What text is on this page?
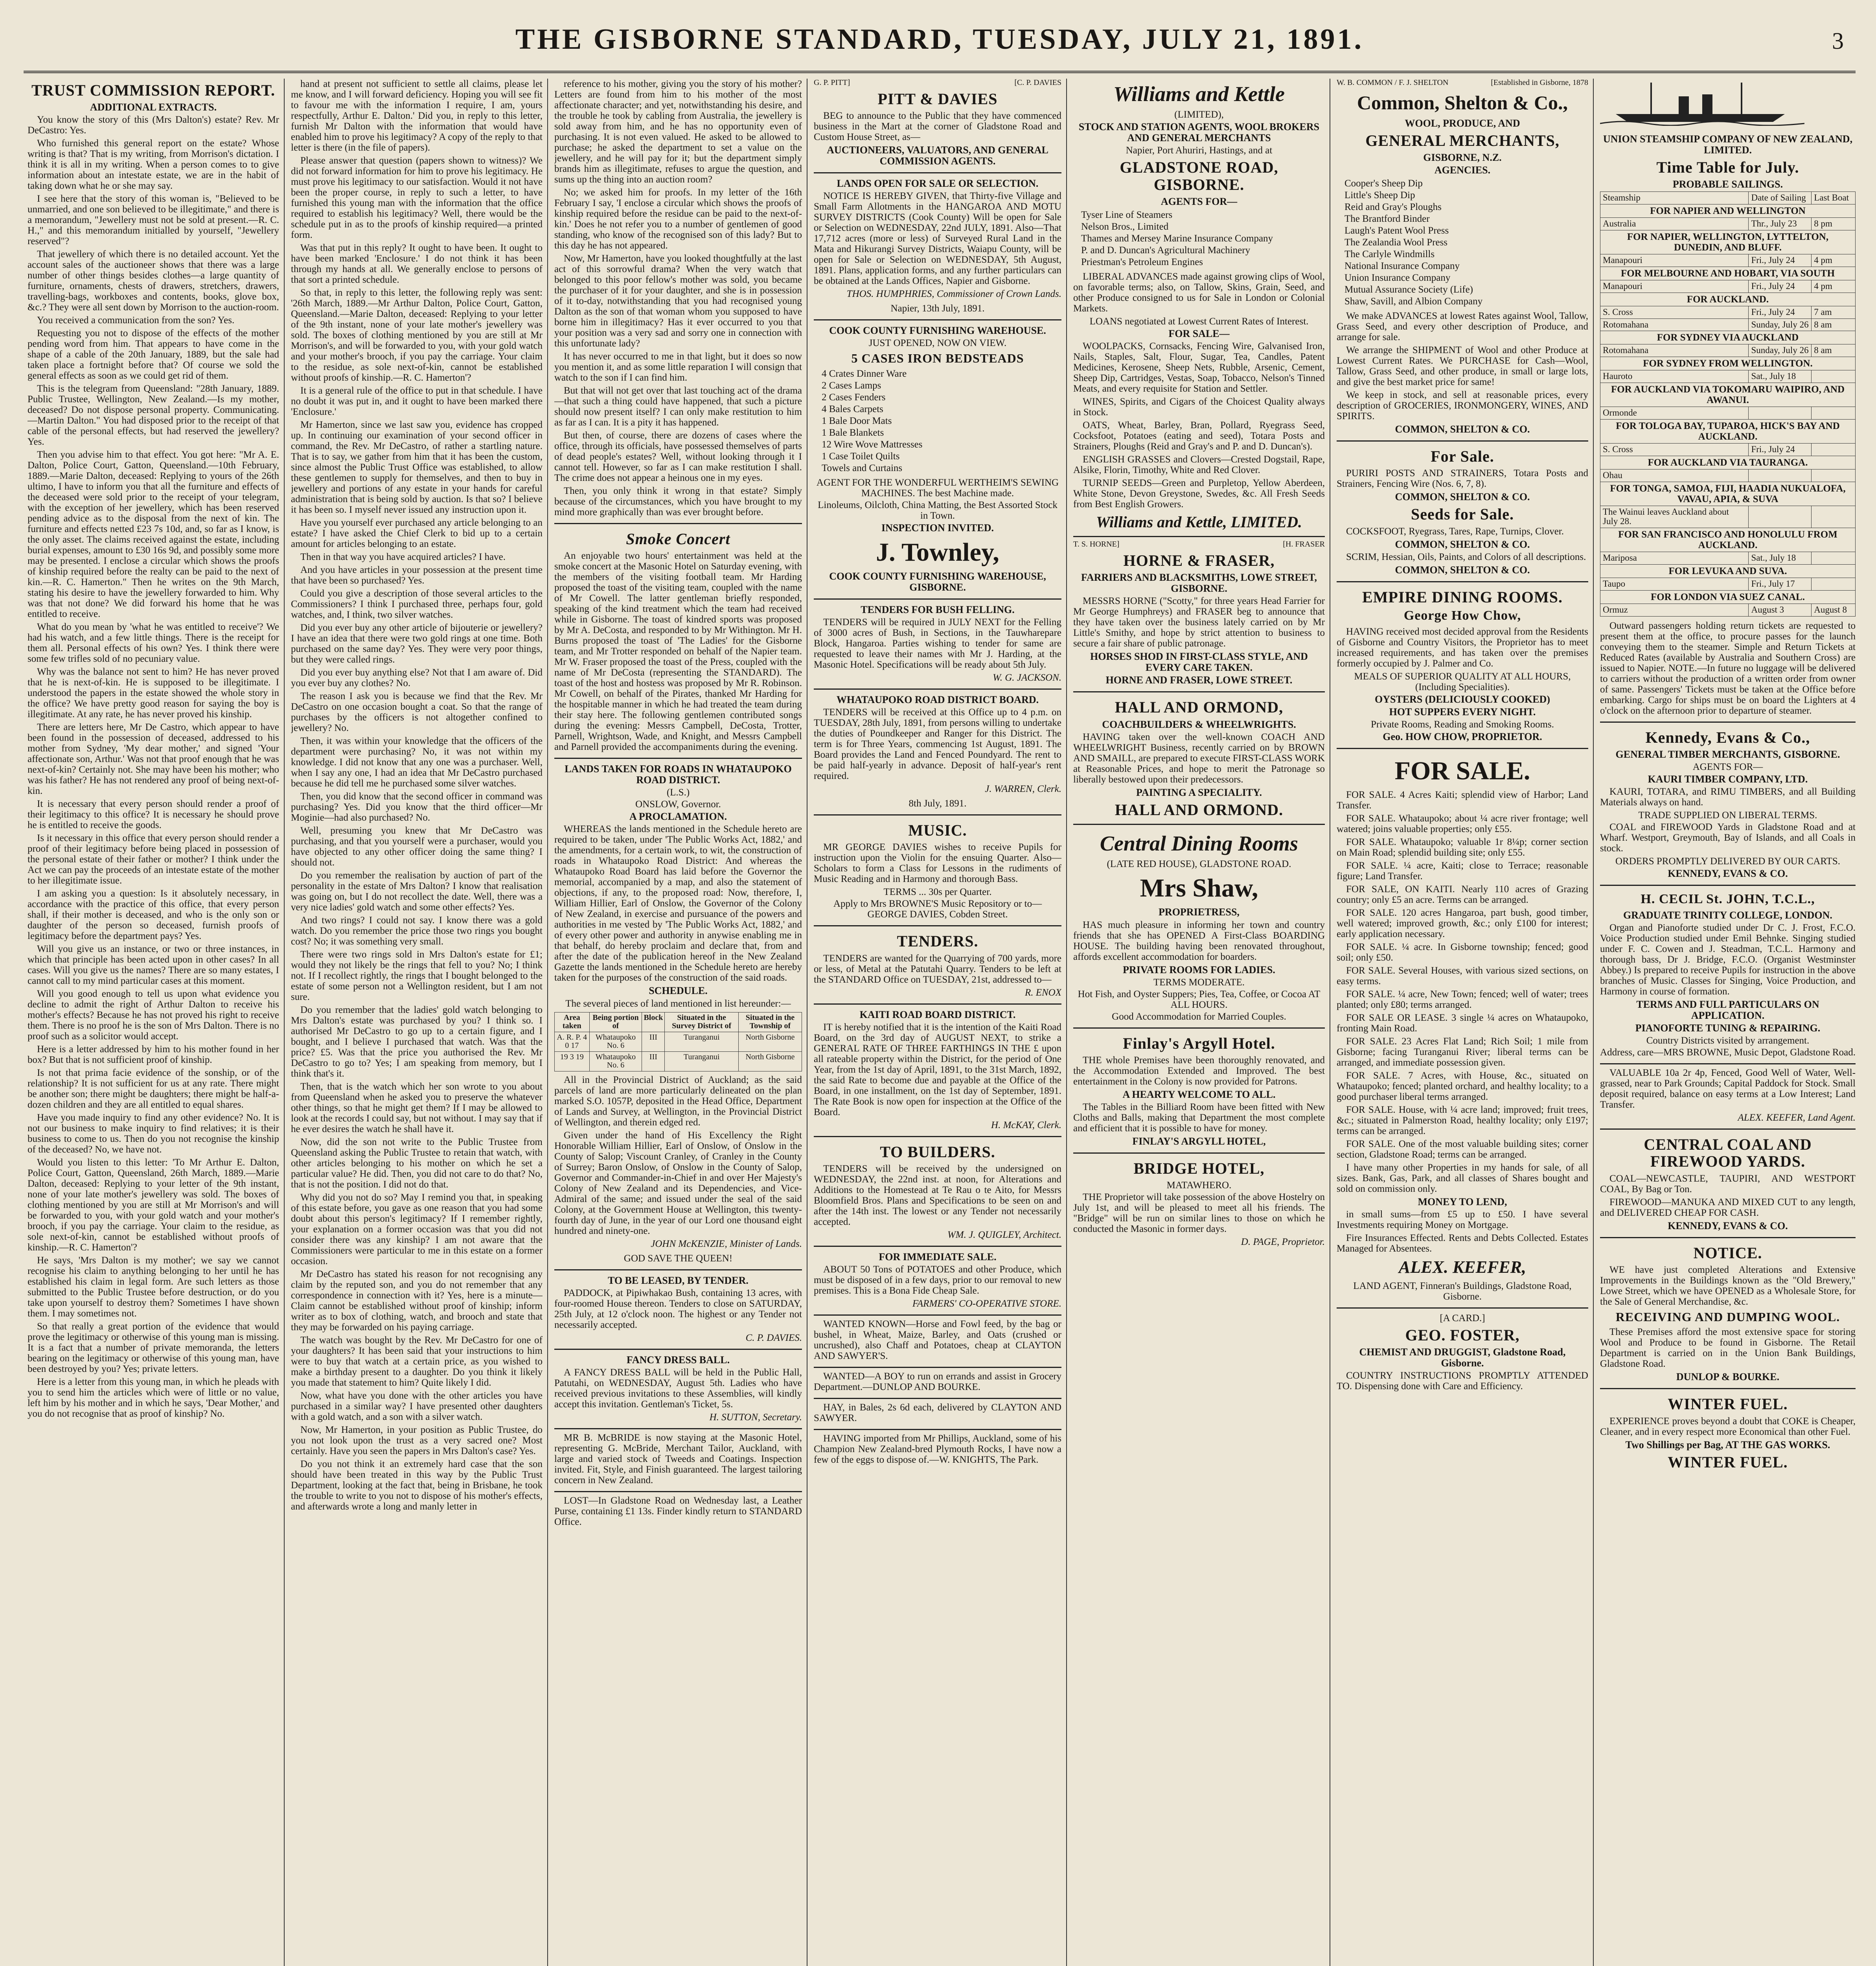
THE GISBORNE STANDARD, TUESDAY, JULY 21, 1891.	3
TRUST COMMISSION REPORT.
ADDITIONAL EXTRACTS.

You know the story of this (Mrs Dalton's) estate? Rev. Mr DeCastro: Yes.

Who furnished this general report on the estate? Whose writing is that? That is my writing, from Morrison's dictation. I think it is all in my writing. When a person comes to to give information about an intestate estate, we are in the habit of taking down what he or she may say.

I see here that the story of this woman is, "Believed to be unmarried, and one son believed to be illegitimate," and there is a memorandum, "Jewellery must not be sold at present.—R. C. H.," and this memorandum initialled by yourself, "Jewellery reserved"?

That jewellery of which there is no detailed account. Yet the account sales of the auctioneer shows that there was a large number of other things besides clothes—a large quantity of furniture, ornaments, chests of drawers, stretchers, drawers, travelling-bags, workboxes and contents, books, glove box, &c.? They were all sent down by Morrison to the auction-room.

You received a communication from the son? Yes.

Requesting you not to dispose of the effects of the mother pending word from him. That appears to have come in the shape of a cable of the 20th January, 1889, but the sale had taken place a fortnight before that? Of course we sold the general effects as soon as we could get rid of them.

This is the telegram from Queensland: "28th January, 1889. Public Trustee, Wellington, New Zealand.—Is my mother, deceased? Do not dispose personal property. Communicating.—Martin Dalton." You had disposed prior to the receipt of that cable of the personal effects, but had reserved the jewellery? Yes.

Then you advise him to that effect. You got here: "Mr A. E. Dalton, Police Court, Gatton, Queensland.—10th February, 1889.—Marie Dalton, deceased: Replying to yours of the 26th ultimo, I have to inform you that all the furniture and effects of the deceased were sold prior to the receipt of your telegram, with the exception of her jewellery, which has been reserved pending advice as to the disposal from the next of kin. The furniture and effects netted £23 7s 10d, and, so far as I know, is the only asset. The claims received against the estate, including burial expenses, amount to £30 16s 9d, and possibly some more may be presented. I enclose a circular which shows the proofs of kinship required before the realty can be paid to the next of kin.—R. C. Hamerton." Then he writes on the 9th March, stating his desire to have the jewellery forwarded to him. Why was that not done? We did forward his home that he was entitled to receive.

What do you mean by 'what he was entitled to receive'? We had his watch, and a few little things. There is the receipt for them all. Personal effects of his own? Yes. I think there were some few trifles sold of no pecuniary value.

Why was the balance not sent to him? He has never proved that he is next-of-kin. He is supposed to be illegitimate. I understood the papers in the estate showed the whole story in the office? We have pretty good reason for saying the boy is illegitimate. At any rate, he has never proved his kinship.

There are letters here, Mr De Castro, which appear to have been found in the possession of deceased, addressed to his mother from Sydney, 'My dear mother,' and signed 'Your affectionate son, Arthur.' Was not that proof enough that he was next-of-kin? Certainly not. She may have been his mother; who was his father? He has not rendered any proof of being next-of-kin.

It is necessary that every person should render a proof of their legitimacy to this office? It is necessary he should prove he is entitled to receive the goods.

Is it necessary in this office that every person should render a proof of their legitimacy before being placed in possession of the personal estate of their father or mother? I think under the Act we can pay the proceeds of an intestate estate of the mother to her illegitimate issue.

I am asking you a question: Is it absolutely necessary, in accordance with the practice of this office, that every person shall, if their mother is deceased, and who is the only son or daughter of the person so deceased, furnish proofs of legitimacy before the department pays? Yes.

Will you give us an instance, or two or three instances, in which that principle has been acted upon in other cases? In all cases. Will you give us the names? There are so many estates, I cannot call to my mind particular cases at this moment.

Will you good enough to tell us upon what evidence you decline to admit the right of Arthur Dalton to receive his mother's effects? Because he has not proved his right to receive them. There is no proof he is the son of Mrs Dalton. There is no proof such as a solicitor would accept.

Here is a letter addressed by him to his mother found in her box? But that is not sufficient proof of kinship.

Is not that prima facie evidence of the sonship, or of the relationship? It is not sufficient for us at any rate. There might be another son; there might be daughters; there might be half-a-dozen children and they are all entitled to equal shares.

Have you made inquiry to find any other evidence? No. It is not our business to make inquiry to find relatives; it is their business to come to us. Then do you not recognise the kinship of the deceased? No, we have not.

Would you listen to this letter: 'To Mr Arthur E. Dalton, Police Court, Gatton, Queensland, 26th March, 1889.—Marie Dalton, deceased: Replying to your letter of the 9th instant, none of your late mother's jewellery was sold. The boxes of clothing mentioned by you are still at Mr Morrison's and will be forwarded to you, with your gold watch and your mother's brooch, if you pay the carriage. Your claim to the residue, as sole next-of-kin, cannot be established without proofs of kinship.—R. C. Hamerton'?

He says, 'Mrs Dalton is my mother'; we say we cannot recognise his claim to anything belonging to her until he has established his claim in legal form. Are such letters as those submitted to the Public Trustee before destruction, or do you take upon yourself to destroy them? Sometimes I have shown them. I may sometimes not.

So that really a great portion of the evidence that would prove the legitimacy or otherwise of this young man is missing. It is a fact that a number of private memoranda, the letters bearing on the legitimacy or otherwise of this young man, have been destroyed by you? Yes; private letters.

Here is a letter from this young man, in which he pleads with you to send him the articles which were of little or no value, left him by his mother and in which he says, 'Dear Mother,' and you do not recognise that as proof of kinship? No.

hand at present not sufficient to settle all claims, please let me know, and I will forward deficiency. Hoping you will see fit to favour me with the information I require, I am, yours respectfully, Arthur E. Dalton.' Did you, in reply to this letter, furnish Mr Dalton with the information that would have enabled him to prove his legitimacy? A copy of the reply to that letter is there (in the file of papers).

Please answer that question (papers shown to witness)? We did not forward information for him to prove his legitimacy. He must prove his legitimacy to our satisfaction. Would it not have been the proper course, in reply to such a letter, to have furnished this young man with the information that the office required to establish his legitimacy? Well, there would be the schedule put in as to the proofs of kinship required—a printed form.

Was that put in this reply? It ought to have been. It ought to have been marked 'Enclosure.' I do not think it has been through my hands at all. We generally enclose to persons of that sort a printed schedule.

So that, in reply to this letter, the following reply was sent: '26th March, 1889.—Mr Arthur Dalton, Police Court, Gatton, Queensland.—Marie Dalton, deceased: Replying to your letter of the 9th instant, none of your late mother's jewellery was sold. The boxes of clothing mentioned by you are still at Mr Morrison's, and will be forwarded to you, with your gold watch and your mother's brooch, if you pay the carriage. Your claim to the residue, as sole next-of-kin, cannot be established without proofs of kinship.—R. C. Hamerton'?

It is a general rule of the office to put in that schedule. I have no doubt it was put in, and it ought to have been marked there 'Enclosure.'

Mr Hamerton, since we last saw you, evidence has cropped up. In continuing our examination of your second officer in command, the Rev. Mr DeCastro, of rather a startling nature. That is to say, we gather from him that it has been the custom, since almost the Public Trust Office was established, to allow these gentlemen to supply for themselves, and then to buy in jewellery and portions of any estate in your hands for careful administration that is being sold by auction. Is that so? I believe it has been so. I myself never issued any instruction upon it.

Have you yourself ever purchased any article belonging to an estate? I have asked the Chief Clerk to bid up to a certain amount for articles belonging to an estate.

Then in that way you have acquired articles? I have.

And you have articles in your possession at the present time that have been so purchased? Yes.

Could you give a description of those several articles to the Commissioners? I think I purchased three, perhaps four, gold watches, and, I think, two silver watches.

Did you ever buy any other article of bijouterie or jewellery? I have an idea that there were two gold rings at one time. Both purchased on the same day? Yes. They were very poor things, but they were called rings.

Did you ever buy anything else? Not that I am aware of. Did you ever buy any clothes? No.

The reason I ask you is because we find that the Rev. Mr DeCastro on one occasion bought a coat. So that the range of purchases by the officers is not altogether confined to jewellery? No.

Then, it was within your knowledge that the officers of the department were purchasing? No, it was not within my knowledge. I did not know that any one was a purchaser. Well, when I say any one, I had an idea that Mr DeCastro purchased because he did tell me he purchased some silver watches.

Then, you did know that the second officer in command was purchasing? Yes. Did you know that the third officer—Mr Moginie—had also purchased? No.

Well, presuming you knew that Mr DeCastro was purchasing, and that you yourself were a purchaser, would you have objected to any other officer doing the same thing? I should not.

Do you remember the realisation by auction of part of the personality in the estate of Mrs Dalton? I know that realisation was going on, but I do not recollect the date. Well, there was a very nice ladies' gold watch and some other effects? Yes.

And two rings? I could not say. I know there was a gold watch. Do you remember the price those two rings you bought cost? No; it was something very small.

There were two rings sold in Mrs Dalton's estate for £1; would they not likely be the rings that fell to you? No; I think not. If I recollect rightly, the rings that I bought belonged to the estate of some person not a Wellington resident, but I am not sure.

Do you remember that the ladies' gold watch belonging to Mrs Dalton's estate was purchased by you? I think so. I authorised Mr DeCastro to go up to a certain figure, and I bought, and I believe I purchased that watch. Was that the price? £5. Was that the price you authorised the Rev. Mr DeCastro to go to? Yes; I am speaking from memory, but I think that's it.

Then, that is the watch which her son wrote to you about from Queensland when he asked you to preserve the whatever other things, so that he might get them? If I may be allowed to look at the records I could say, but not without. I may say that if he ever desires the watch he shall have it.

Now, did the son not write to the Public Trustee from Queensland asking the Public Trustee to retain that watch, with other articles belonging to his mother on which he set a particular value? He did. Then, you did not care to do that? No, that is not the position. I did not do that.

Why did you not do so? May I remind you that, in speaking of this estate before, you gave as one reason that you had some doubt about this person's legitimacy? If I remember rightly, your explanation on a former occasion was that you did not consider there was any kinship? I am not aware that the Commissioners were particular to me in this estate on a former occasion.

Mr DeCastro has stated his reason for not recognising any claim by the reputed son, and you do not remember that any correspondence in connection with it? Yes, here is a minute—Claim cannot be established without proof of kinship; inform writer as to box of clothing, watch, and brooch and state that they may be forwarded on his paying carriage.

The watch was bought by the Rev. Mr DeCastro for one of your daughters? It has been said that your instructions to him were to buy that watch at a certain price, as you wished to make a birthday present to a daughter. Do you think it likely you made that statement to him? Quite likely I did.

Now, what have you done with the other articles you have purchased in a similar way? I have presented other daughters with a gold watch, and a son with a silver watch.

Now, Mr Hamerton, in your position as Public Trustee, do you not look upon the trust as a very sacred one? Most certainly. Have you seen the papers in Mrs Dalton's case? Yes.

Do you not think it an extremely hard case that the son should have been treated in this way by the Public Trust Department, looking at the fact that, being in Brisbane, he took the trouble to write to you not to dispose of his mother's effects, and afterwards wrote a long and manly letter in

reference to his mother, giving you the story of his mother? Letters are found from him to his mother of the most affectionate character; and yet, notwithstanding his desire, and the trouble he took by cabling from Australia, the jewellery is sold away from him, and he has no opportunity even of purchasing. It is not even valued. He asked to be allowed to purchase; he asked the department to set a value on the jewellery, and he will pay for it; but the department simply brands him as illegitimate, refuses to argue the question, and sums up the thing into an auction room?

No; we asked him for proofs. In my letter of the 16th February I say, 'I enclose a circular which shows the proofs of kinship required before the residue can be paid to the next-of-kin.' Does he not refer you to a number of gentlemen of good standing, who know of the recognised son of this lady? But to this day he has not appeared.

Now, Mr Hamerton, have you looked thoughtfully at the last act of this sorrowful drama? When the very watch that belonged to this poor fellow's mother was sold, you became the purchaser of it for your daughter, and she is in possession of it to-day, notwithstanding that you had recognised young Dalton as the son of that woman whom you supposed to have borne him in illegitimacy? Has it ever occurred to you that your position was a very sad and sorry one in connection with this unfortunate lady?

It has never occurred to me in that light, but it does so now you mention it, and as some little reparation I will consign that watch to the son if I can find him.

But that will not get over that last touching act of the drama—that such a thing could have happened, that such a picture should now present itself? I can only make restitution to him as far as I can. It is a pity it has happened.

But then, of course, there are dozens of cases where the office, through its officials, have possessed themselves of parts of dead people's estates? Well, without looking through it I cannot tell. However, so far as I can make restitution I shall. The crime does not appear a heinous one in my eyes.

Then, you only think it wrong in that estate? Simply because of the circumstances, which you have brought to my mind more graphically than was ever brought before.

Smoke Concert

An enjoyable two hours' entertainment was held at the smoke concert at the Masonic Hotel on Saturday evening, with the members of the visiting football team. Mr Harding proposed the toast of the visiting team, coupled with the name of Mr Cowell. The latter gentleman briefly responded, speaking of the kind treatment which the team had received while in Gisborne. The toast of kindred sports was proposed by Mr A. DeCosta, and responded to by Mr Withington. Mr H. Burns proposed the toast of 'The Ladies' for the Gisborne team, and Mr Trotter responded on behalf of the Napier team. Mr W. Fraser proposed the toast of the Press, coupled with the name of Mr DeCosta (representing the STANDARD). The toast of the host and hostess was proposed by Mr R. Robinson. Mr Cowell, on behalf of the Pirates, thanked Mr Harding for the hospitable manner in which he had treated the team during their stay here. The following gentlemen contributed songs during the evening: Messrs Campbell, DeCosta, Trotter, Parnell, Wrightson, Wade, and Knight, and Messrs Campbell and Parnell provided the accompaniments during the evening.

LANDS TAKEN FOR ROADS IN WHATAUPOKO ROAD DISTRICT.
(L.S.)
ONSLOW, Governor.
A PROCLAMATION.

WHEREAS the lands mentioned in the Schedule hereto are required to be taken, under 'The Public Works Act, 1882,' and the amendments, for a certain work, to wit, the construction of roads in Whataupoko Road District: And whereas the Whataupoko Road Board has laid before the Governor the memorial, accompanied by a map, and also the statement of objections, if any, to the proposed road: Now, therefore, I, William Hillier, Earl of Onslow, the Governor of the Colony of New Zealand, in exercise and pursuance of the powers and authorities in me vested by 'The Public Works Act, 1882,' and of every other power and authority in anywise enabling me in that behalf, do hereby proclaim and declare that, from and after the date of the publication hereof in the New Zealand Gazette the lands mentioned in the Schedule hereto are hereby taken for the purposes of the construction of the said roads.

SCHEDULE.
The several pieces of land mentioned in list hereunder:—
Area taken	Being portion of	Block	Situated in the Survey District of	Situated in the Township of
A. R. P. 4 0 17	Whataupoko No. 6	III	Turanganui	North Gisborne
19 3 19	Whataupoko No. 6	III	Turanganui	North Gisborne

All in the Provincial District of Auckland; as the said parcels of land are more particularly delineated on the plan marked S.O. 1057P, deposited in the Head Office, Department of Lands and Survey, at Wellington, in the Provincial District of Wellington, and therein edged red.

Given under the hand of His Excellency the Right Honorable William Hillier, Earl of Onslow, of Onslow in the County of Salop; Viscount Cranley, of Cranley in the County of Surrey; Baron Onslow, of Onslow in the County of Salop, Governor and Commander-in-Chief in and over Her Majesty's Colony of New Zealand and its Dependencies, and Vice-Admiral of the same; and issued under the seal of the said Colony, at the Government House at Wellington, this twenty-fourth day of June, in the year of our Lord one thousand eight hundred and ninety-one.

JOHN McKENZIE, Minister of Lands.
GOD SAVE THE QUEEN!
TO BE LEASED, BY TENDER.

PADDOCK, at Pipiwhakao Bush, containing 13 acres, with four-roomed House thereon. Tenders to close on SATURDAY, 25th July, at 12 o'clock noon. The highest or any Tender not necessarily accepted.

C. P. DAVIES.
FANCY DRESS BALL.

A FANCY DRESS BALL will be held in the Public Hall, Patutahi, on WEDNESDAY, August 5th. Ladies who have received previous invitations to these Assemblies, will kindly accept this invitation. Gentleman's Ticket, 5s.

H. SUTTON, Secretary.

MR B. McBRIDE is now staying at the Masonic Hotel, representing G. McBride, Merchant Tailor, Auckland, with large and varied stock of Tweeds and Coatings. Inspection invited. Fit, Style, and Finish guaranteed. The largest tailoring concern in New Zealand.

LOST—In Gladstone Road on Wednesday last, a Leather Purse, containing £1 13s. Finder kindly return to STANDARD Office.

G. P. PITT]	[C. P. DAVIES
PITT & DAVIES

BEG to announce to the Public that they have commenced business in the Mart at the corner of Gladstone Road and Custom House Street, as—

AUCTIONEERS, VALUATORS, AND GENERAL COMMISSION AGENTS.
LANDS OPEN FOR SALE OR SELECTION.

NOTICE IS HEREBY GIVEN, that Thirty-five Village and Small Farm Allotments in the HANGAROA AND MOTU SURVEY DISTRICTS (Cook County) Will be open for Sale or Selection on WEDNESDAY, 22nd JULY, 1891. Also—That 17,712 acres (more or less) of Surveyed Rural Land in the Mata and Hikurangi Survey Districts, Waiapu County, will be open for Sale or Selection on WEDNESDAY, 5th August, 1891. Plans, application forms, and any further particulars can be obtained at the Lands Offices, Napier and Gisborne.

THOS. HUMPHRIES, Commissioner of Crown Lands.
Napier, 13th July, 1891.
COOK COUNTY FURNISHING WAREHOUSE.
JUST OPENED, NOW ON VIEW.
5 CASES IRON BEDSTEADS
4 Crates Dinner Ware
2 Cases Lamps
2 Cases Fenders
4 Bales Carpets
1 Bale Door Mats
1 Bale Blankets
12 Wire Wove Mattresses
1 Case Toilet Quilts
Towels and Curtains
AGENT FOR THE WONDERFUL WERTHEIM'S SEWING MACHINES. The best Machine made.
Linoleums, Oilcloth, China Matting, the Best Assorted Stock in Town.
INSPECTION INVITED.
J. Townley,
COOK COUNTY FURNISHING WAREHOUSE, GISBORNE.
TENDERS FOR BUSH FELLING.

TENDERS will be required in JULY NEXT for the Felling of 3000 acres of Bush, in Sections, in the Tauwharepare Block, Hangaroa. Parties wishing to tender for same are requested to leave their names with Mr J. Harding, at the Masonic Hotel. Specifications will be ready about 5th July.

W. G. JACKSON.
WHATAUPOKO ROAD DISTRICT BOARD.

TENDERS will be received at this Office up to 4 p.m. on TUESDAY, 28th July, 1891, from persons willing to undertake the duties of Poundkeeper and Ranger for this District. The term is for Three Years, commencing 1st August, 1891. The Board provides the Land and Fenced Poundyard. The rent to be paid half-yearly in advance. Deposit of half-year's rent required.

J. WARREN, Clerk.
8th July, 1891.
MUSIC.

MR GEORGE DAVIES wishes to receive Pupils for instruction upon the Violin for the ensuing Quarter. Also—Scholars to form a Class for Lessons in the rudiments of Music Reading and in Harmony and thorough Bass.

TERMS ... 30s per Quarter.
Apply to Mrs BROWNE'S Music Repository or to—GEORGE DAVIES, Cobden Street.
TENDERS.

TENDERS are wanted for the Quarrying of 700 yards, more or less, of Metal at the Patutahi Quarry. Tenders to be left at the STANDARD Office on TUESDAY, 21st, addressed to—

R. ENOX
KAITI ROAD BOARD DISTRICT.

IT is hereby notified that it is the intention of the Kaiti Road Board, on the 3rd day of AUGUST NEXT, to strike a GENERAL RATE OF THREE FARTHINGS IN THE £ upon all rateable property within the District, for the period of One Year, from the 1st day of April, 1891, to the 31st March, 1892, the said Rate to become due and payable at the Office of the Board, in one installment, on the 1st day of September, 1891. The Rate Book is now open for inspection at the Office of the Board.

H. McKAY, Clerk.
TO BUILDERS.

TENDERS will be received by the undersigned on WEDNESDAY, the 22nd inst. at noon, for Alterations and Additions to the Homestead at Te Rau o te Aito, for Messrs Bloomfield Bros. Plans and Specifications to be seen on and after the 14th inst. The lowest or any Tender not necessarily accepted.

WM. J. QUIGLEY, Architect.
FOR IMMEDIATE SALE.

ABOUT 50 Tons of POTATOES and other Produce, which must be disposed of in a few days, prior to our removal to new premises. This is a Bona Fide Cheap Sale.

FARMERS' CO-OPERATIVE STORE.

WANTED KNOWN—Horse and Fowl feed, by the bag or bushel, in Wheat, Maize, Barley, and Oats (crushed or uncrushed), also Chaff and Potatoes, cheap at CLAYTON AND SAWYER'S.

WANTED—A BOY to run on errands and assist in Grocery Department.—DUNLOP AND BOURKE.

HAY, in Bales, 2s 6d each, delivered by CLAYTON AND SAWYER.

HAVING imported from Mr Phillips, Auckland, some of his Champion New Zealand-bred Plymouth Rocks, I have now a few of the eggs to dispose of.—W. KNIGHTS, The Park.

Williams and Kettle
(LIMITED),
STOCK AND STATION AGENTS, WOOL BROKERS AND GENERAL MERCHANTS
Napier, Port Ahuriri, Hastings, and at
GLADSTONE ROAD, GISBORNE.
AGENTS FOR—
Tyser Line of Steamers
Nelson Bros., Limited
Thames and Mersey Marine Insurance Company
P. and D. Duncan's Agricultural Machinery
Priestman's Petroleum Engines

LIBERAL ADVANCES made against growing clips of Wool, on favorable terms; also, on Tallow, Skins, Grain, Seed, and other Produce consigned to us for Sale in London or Colonial Markets.

LOANS negotiated at Lowest Current Rates of Interest.
FOR SALE—

WOOLPACKS, Cornsacks, Fencing Wire, Galvanised Iron, Nails, Staples, Salt, Flour, Sugar, Tea, Candles, Patent Medicines, Kerosene, Sheep Nets, Rubble, Arsenic, Cement, Sheep Dip, Cartridges, Vestas, Soap, Tobacco, Nelson's Tinned Meats, and every requisite for Station and Settler.

WINES, Spirits, and Cigars of the Choicest Quality always in Stock.

OATS, Wheat, Barley, Bran, Pollard, Ryegrass Seed, Cocksfoot, Potatoes (eating and seed), Totara Posts and Strainers, Ploughs (Reid and Gray's and P. and D. Duncan's).

ENGLISH GRASSES and Clovers—Crested Dogstail, Rape, Alsike, Florin, Timothy, White and Red Clover.

TURNIP SEEDS—Green and Purpletop, Yellow Aberdeen, White Stone, Devon Greystone, Swedes, &c. All Fresh Seeds from Best English Growers.

Williams and Kettle, LIMITED.
T. S. HORNE]	[H. FRASER
HORNE & FRASER,
FARRIERS AND BLACKSMITHS, LOWE STREET, GISBORNE.

MESSRS HORNE ("Scotty," for three years Head Farrier for Mr George Humphreys) and FRASER beg to announce that they have taken over the business lately carried on by Mr Little's Smithy, and hope by strict attention to business to secure a fair share of public patronage.

HORSES SHOD IN FIRST-CLASS STYLE, AND EVERY CARE TAKEN.
HORNE AND FRASER, LOWE STREET.
HALL AND ORMOND,
COACHBUILDERS & WHEELWRIGHTS.

HAVING taken over the well-known COACH AND WHEELWRIGHT Business, recently carried on by BROWN AND SMAILL, are prepared to execute FIRST-CLASS WORK at Reasonable Prices, and hope to merit the Patronage so liberally bestowed upon their predecessors.

PAINTING A SPECIALITY.
HALL AND ORMOND.
Central Dining Rooms
(LATE RED HOUSE), GLADSTONE ROAD.
Mrs Shaw,
PROPRIETRESS,

HAS much pleasure in informing her town and country friends that she has OPENED A First-Class BOARDING HOUSE. The building having been renovated throughout, affords excellent accommodation for boarders.

PRIVATE ROOMS FOR LADIES.
TERMS MODERATE.
Hot Fish, and Oyster Suppers; Pies, Tea, Coffee, or Cocoa AT ALL HOURS.
Good Accommodation for Married Couples.
Finlay's Argyll Hotel.

THE whole Premises have been thoroughly renovated, and the Accommodation Extended and Improved. The best entertainment in the Colony is now provided for Patrons.

A HEARTY WELCOME TO ALL.

The Tables in the Billiard Room have been fitted with New Cloths and Balls, making that Department the most complete and efficient that it is possible to have for money.

FINLAY'S ARGYLL HOTEL,
BRIDGE HOTEL,
MATAWHERO.

THE Proprietor will take possession of the above Hostelry on July 1st, and will be pleased to meet all his friends. The "Bridge" will be run on similar lines to those on which he conducted the Masonic in former days.

D. PAGE, Proprietor.
W. B. COMMON / F. J. SHELTON	[Established in Gisborne, 1878
Common, Shelton & Co.,
WOOL, PRODUCE, AND
GENERAL MERCHANTS,
GISBORNE, N.Z.
AGENCIES.
Cooper's Sheep Dip
Little's Sheep Dip
Reid and Gray's Ploughs
The Brantford Binder
Laugh's Patent Wool Press
The Zealandia Wool Press
The Carlyle Windmills
National Insurance Company
Union Insurance Company
Mutual Assurance Society (Life)
Shaw, Savill, and Albion Company

We make ADVANCES at lowest Rates against Wool, Tallow, Grass Seed, and every other description of Produce, and arrange for sale.

We arrange the SHIPMENT of Wool and other Produce at Lowest Current Rates. We PURCHASE for Cash—Wool, Tallow, Grass Seed, and other produce, in small or large lots, and give the best market price for same!

We keep in stock, and sell at reasonable prices, every description of GROCERIES, IRONMONGERY, WINES, AND SPIRITS.

COMMON, SHELTON & CO.
For Sale.

PURIRI POSTS AND STRAINERS, Totara Posts and Strainers, Fencing Wire (Nos. 6, 7, 8).

COMMON, SHELTON & CO.
Seeds for Sale.

COCKSFOOT, Ryegrass, Tares, Rape, Turnips, Clover.

COMMON, SHELTON & CO.

SCRIM, Hessian, Oils, Paints, and Colors of all descriptions.

COMMON, SHELTON & CO.
EMPIRE DINING ROOMS.
George How Chow,

HAVING received most decided approval from the Residents of Gisborne and Country Visitors, the Proprietor has to meet increased requirements, and has taken over the premises formerly occupied by J. Palmer and Co.

MEALS OF SUPERIOR QUALITY AT ALL HOURS, (Including Specialities).
OYSTERS (DELICIOUSLY COOKED)
HOT SUPPERS EVERY NIGHT.
Private Rooms, Reading and Smoking Rooms.
Geo. HOW CHOW, PROPRIETOR.
FOR SALE.

FOR SALE. 4 Acres Kaiti; splendid view of Harbor; Land Transfer.

FOR SALE. Whataupoko; about ¼ acre river frontage; well watered; joins valuable properties; only £55.

FOR SALE. Whataupoko; valuable 1r 8¼p; corner section on Main Road; splendid building site; only £55.

FOR SALE. ¼ acre, Kaiti; close to Terrace; reasonable figure; Land Transfer.

FOR SALE, ON KAITI. Nearly 110 acres of Grazing country; only £5 an acre. Terms can be arranged.

FOR SALE. 120 acres Hangaroa, part bush, good timber, well watered; improved growth, &c.; only £100 for interest; early application necessary.

FOR SALE. ¼ acre. In Gisborne township; fenced; good soil; only £50.

FOR SALE. Several Houses, with various sized sections, on easy terms.

FOR SALE. ¼ acre, New Town; fenced; well of water; trees planted; only £80; terms arranged.

FOR SALE OR LEASE. 3 single ¼ acres on Whataupoko, fronting Main Road.

FOR SALE. 23 Acres Flat Land; Rich Soil; 1 mile from Gisborne; facing Turanganui River; liberal terms can be arranged, and immediate possession given.

FOR SALE. 7 Acres, with House, &c., situated on Whataupoko; fenced; planted orchard, and healthy locality; to a good purchaser liberal terms arranged.

FOR SALE. House, with ¼ acre land; improved; fruit trees, &c.; situated in Palmerston Road, healthy locality; only £197; terms can be arranged.

FOR SALE. One of the most valuable building sites; corner section, Gladstone Road; terms can be arranged.

I have many other Properties in my hands for sale, of all sizes. Bank, Gas, Park, and all classes of Shares bought and sold on commission only.

MONEY TO LEND,

in small sums—from £5 up to £50. I have several Investments requiring Money on Mortgage.

Fire Insurances Effected. Rents and Debts Collected. Estates Managed for Absentees.

ALEX. KEEFER,
LAND AGENT, Finneran's Buildings, Gladstone Road, Gisborne.
[A CARD.]
GEO. FOSTER,
CHEMIST AND DRUGGIST, Gladstone Road, Gisborne.

COUNTRY INSTRUCTIONS PROMPTLY ATTENDED TO. Dispensing done with Care and Efficiency.

UNION STEAMSHIP COMPANY OF NEW ZEALAND, LIMITED.
Time Table for July.
PROBABLE SAILINGS.
Steamship	Date of Sailing	Last Boat
FOR NAPIER AND WELLINGTON		
Australia	Thr., July 23	8 pm
FOR NAPIER, WELLINGTON, LYTTELTON, DUNEDIN, AND BLUFF.		
Manapouri	Fri., July 24	4 pm
FOR MELBOURNE AND HOBART, VIA SOUTH		
Manapouri	Fri., July 24	4 pm
FOR AUCKLAND.		
S. Cross	Fri., July 24	7 am
Rotomahana	Sunday, July 26	8 am
FOR SYDNEY VIA AUCKLAND		
Rotomahana	Sunday, July 26	8 am
FOR SYDNEY FROM WELLINGTON.		
Hauroto	Sat., July 18	
FOR AUCKLAND VIA TOKOMARU WAIPIRO, AND AWANUI.		
Ormonde		
FOR TOLOGA BAY, TUPAROA, HICK'S BAY AND AUCKLAND.		
S. Cross	Fri., July 24	
FOR AUCKLAND VIA TAURANGA.		
Ohau		
FOR TONGA, SAMOA, FIJI, HAADIA NUKUALOFA, VAVAU, APIA, & SUVA		
The Wainui leaves Auckland about July 28.		
FOR SAN FRANCISCO AND HONOLULU FROM AUCKLAND.		
Mariposa	Sat., July 18	
FOR LEVUKA AND SUVA.		
Taupo	Fri., July 17	
FOR LONDON VIA SUEZ CANAL.		
Ormuz	August 3	August 8

Outward passengers holding return tickets are requested to present them at the office, to procure passes for the launch conveying them to the steamer. Simple and Return Tickets at Reduced Rates (available by Australia and Southern Cross) are issued to Napier. NOTE.—In future no luggage will be delivered to carriers without the production of a written order from owner of same. Passengers' Tickets must be taken at the Office before embarking. Cargo for ships must be on board the Lighters at 4 o'clock on the afternoon prior to departure of steamer.

Kennedy, Evans & Co.,
GENERAL TIMBER MERCHANTS, GISBORNE.
AGENTS FOR—
KAURI TIMBER COMPANY, LTD.

KAURI, TOTARA, and RIMU TIMBERS, and all Building Materials always on hand.

TRADE SUPPLIED ON LIBERAL TERMS.

COAL and FIREWOOD Yards in Gladstone Road and at Wharf. Westport, Greymouth, Bay of Islands, and all Coals in stock.

ORDERS PROMPTLY DELIVERED BY OUR CARTS.
KENNEDY, EVANS & CO.
H. CECIL St. JOHN, T.C.L.,
GRADUATE TRINITY COLLEGE, LONDON.

Organ and Pianoforte studied under Dr C. J. Frost, F.C.O. Voice Production studied under Emil Behnke. Singing studied under F. C. Cowen and J. Steadman, T.C.L. Harmony and thorough bass, Dr J. Bridge, F.C.O. (Organist Westminster Abbey.) Is prepared to receive Pupils for instruction in the above branches of Music. Classes for Singing, Voice Production, and Harmony in course of formation.

TERMS AND FULL PARTICULARS ON APPLICATION.
PIANOFORTE TUNING & REPAIRING.
Country Districts visited by arrangement.
Address, care—MRS BROWNE, Music Depot, Gladstone Road.

VALUABLE 10a 2r 4p, Fenced, Good Well of Water, Well-grassed, near to Park Grounds; Capital Paddock for Stock. Small deposit required, balance on easy terms at a Low Interest; Land Transfer.

ALEX. KEEFER, Land Agent.
CENTRAL COAL AND FIREWOOD YARDS.

COAL—NEWCASTLE, TAUPIRI, AND WESTPORT COAL, By Bag or Ton.

FIREWOOD—MANUKA AND MIXED CUT to any length, and DELIVERED CHEAP FOR CASH.

KENNEDY, EVANS & CO.
NOTICE.

WE have just completed Alterations and Extensive Improvements in the Buildings known as the "Old Brewery," Lowe Street, which we have OPENED as a Wholesale Store, for the Sale of General Merchandise, &c.

RECEIVING AND DUMPING WOOL.

These Premises afford the most extensive space for storing Wool and Produce to be found in Gisborne. The Retail Department is carried on in the Union Bank Buildings, Gladstone Road.

DUNLOP & BOURKE.
WINTER FUEL.

EXPERIENCE proves beyond a doubt that COKE is Cheaper, Cleaner, and in every respect more Economical than other Fuel.

Two Shillings per Bag, AT THE GAS WORKS.
WINTER FUEL.
